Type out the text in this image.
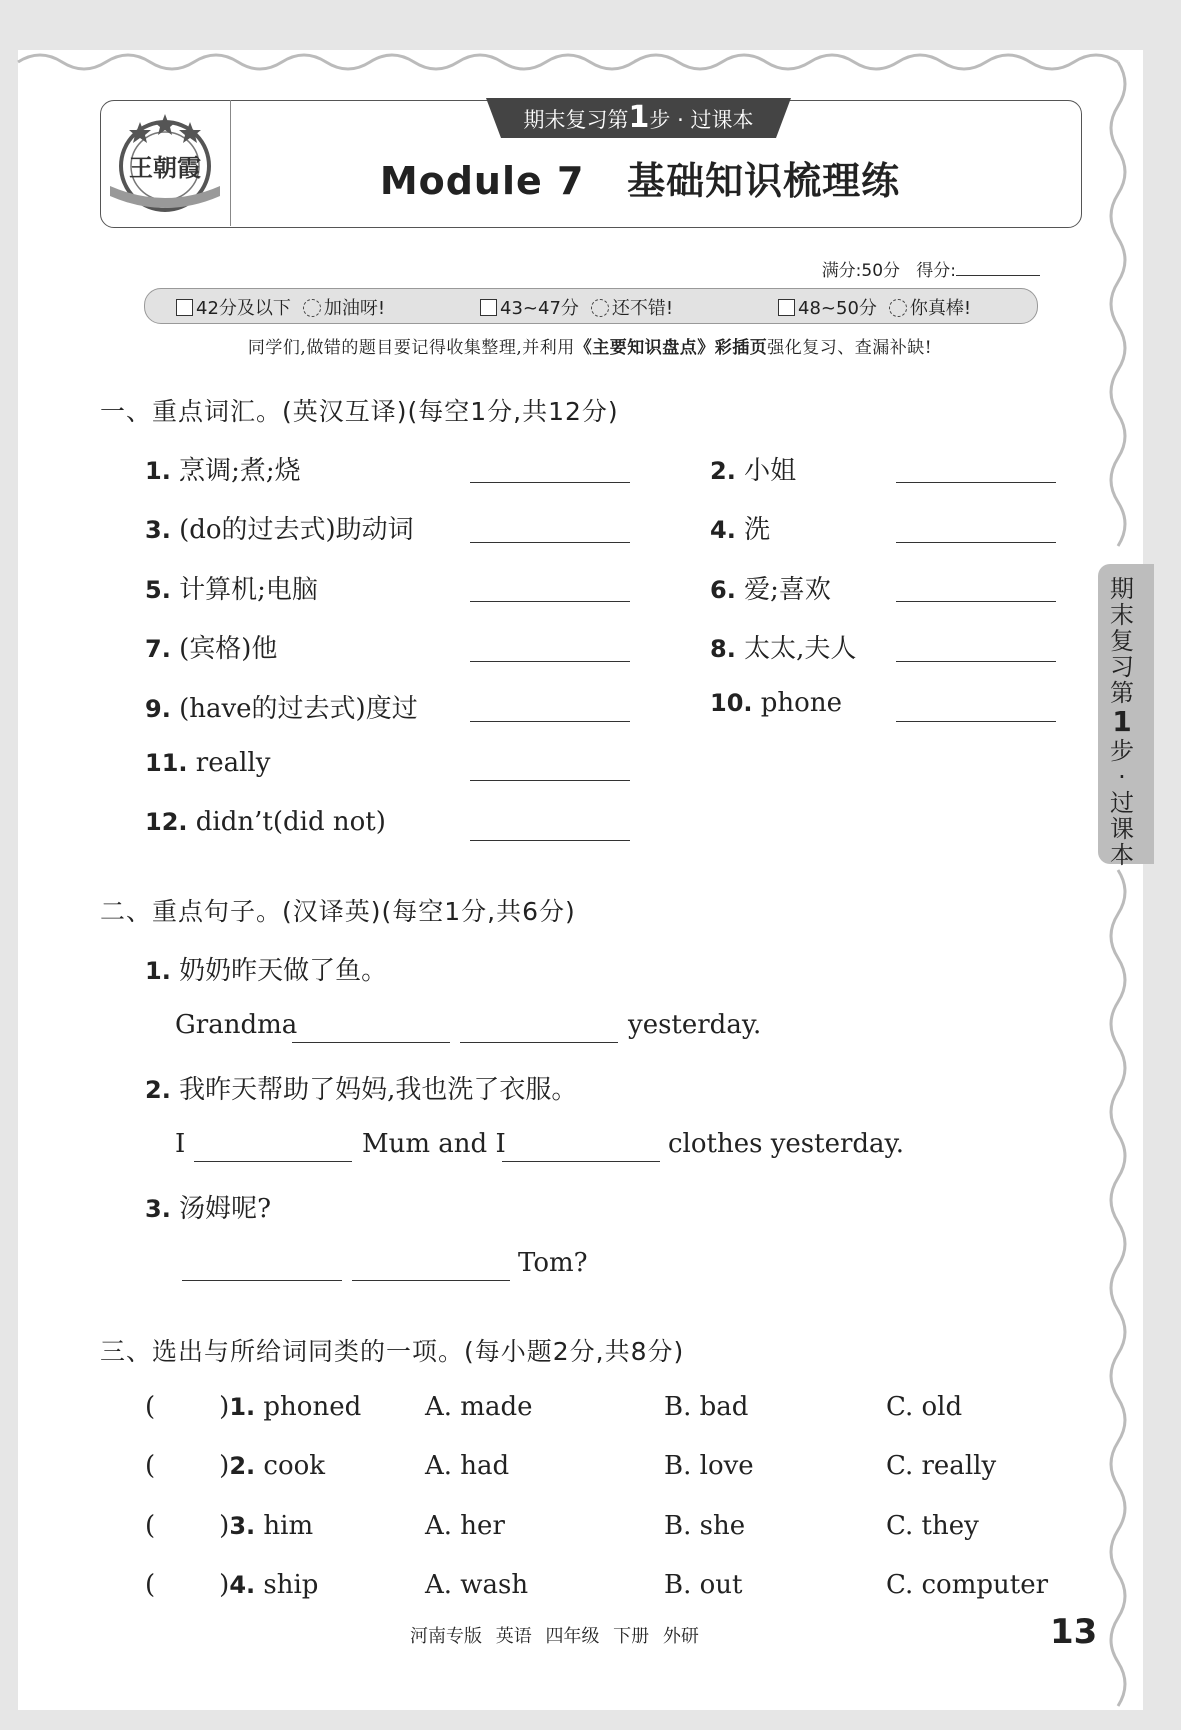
王朝霞
期末复习第1步 · 过课本
Module 7 基础知识梳理练
满分:50分 得分:
42分及以下 加油呀!	43~47分 还不错!	48~50分 你真棒!
同学们,做错的题目要记得收集整理,并利用《主要知识盘点》彩插页强化复习、查漏补缺!
一、重点词汇。(英汉互译)(每空1分,共12分)
1. 烹调;煮;烧	2. 小姐
3. (do的过去式)助动词	4. 洗
5. 计算机;电脑	6. 爱;喜欢
7. (宾格)他	8. 太太,夫人
9. (have的过去式)度过	10. phone
11. really
12. didn’t(did not)
二、重点句子。(汉译英)(每空1分,共6分)
1. 奶奶昨天做了鱼。
Grandma	yesterday.
2. 我昨天帮助了妈妈,我也洗了衣服。
I	Mum and I	clothes yesterday.
3. 汤姆呢?
Tom?
三、选出与所给词同类的一项。(每小题2分,共8分)
( )1. phoned A. made	B. bad	C. old
( )2. cook	A. had	B. love	C. really
( )3. him	A. her	B. she	C. they
( )4. ship	A. wash	B. out	C. computer
期
末
复
习
第
1
步
·
过
课
本
河南专版 英语 四年级 下册 外研	13
